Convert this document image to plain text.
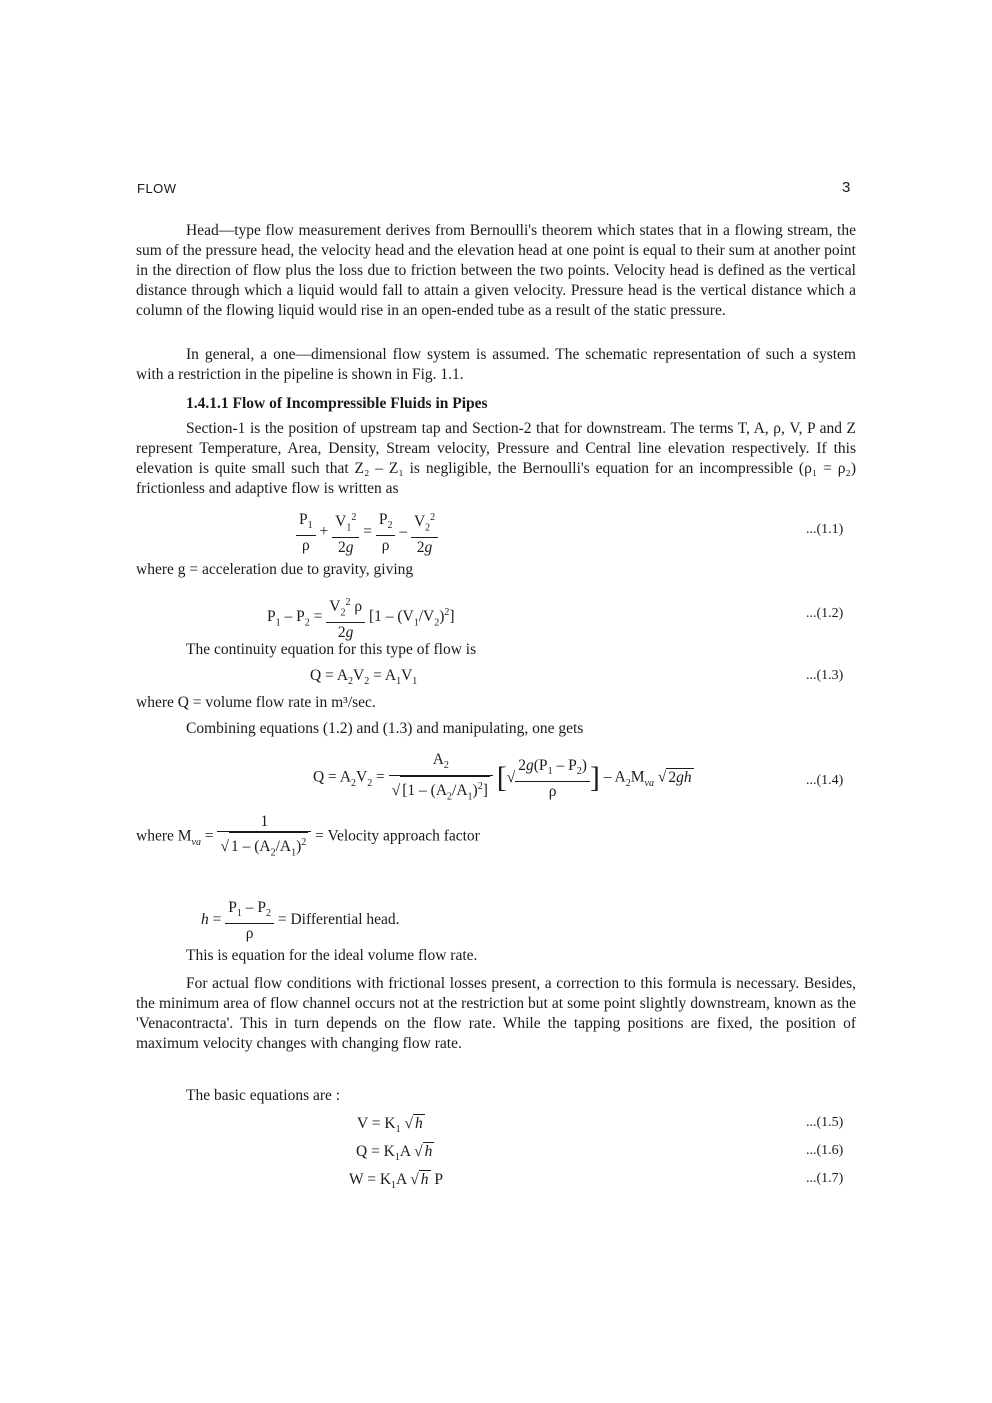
FLOW	3
Head—type flow measurement derives from Bernoulli's theorem which states that in a flowing stream, the sum of the pressure head, the velocity head and the elevation head at one point is equal to their sum at another point in the direction of flow plus the loss due to friction between the two points. Velocity head is defined as the vertical distance through which a liquid would fall to attain a given velocity. Pressure head is the vertical distance which a column of the flowing liquid would rise in an open-ended tube as a result of the static pressure.
In general, a one—dimensional flow system is assumed. The schematic representation of such a system with a restriction in the pipeline is shown in Fig. 1.1.
1.4.1.1 Flow of Incompressible Fluids in Pipes
Section-1 is the position of upstream tap and Section-2 that for downstream. The terms T, A, ρ, V, P and Z represent Temperature, Area, Density, Stream velocity, Pressure and Central line elevation respectively. If this elevation is quite small such that Z₂ – Z₁ is negligible, the Bernoulli's equation for an incompressible (ρ₁ = ρ₂) frictionless and adaptive flow is written as
$\frac{P_1}{\rho} + \frac{V_1^2}{2g} = \frac{P_2}{\rho} - \frac{V_2^2}{2g}$	...(1.1)
where g = acceleration due to gravity, giving
$P_1 - P_2 = \frac{V_2^2 \rho}{2g} [1 - (V_1/V_2)^2]$	...(1.2)
The continuity equation for this type of flow is
$Q = A_2V_2 = A_1V_1$	...(1.3)
where Q = volume flow rate in m³/sec.
Combining equations (1.2) and (1.3) and manipulating, one gets
$Q = A_2V_2 = \frac{A_2}{√ [1 - (A_2/A_1)^2]}$ [√ $\frac{2g(P_1 - P_2)}{\rho}$ ] – $A_2M_{va}$ √ 2gh	...(1.4)
where $M_{va} = \frac{1}{√ 1 - (A_2/A_1)^2}$ = Velocity approach factor
$h = \frac{P_1 - P_2}{\rho}$ = Differential head.
This is equation for the ideal volume flow rate.
For actual flow conditions with frictional losses present, a correction to this formula is necessary. Besides, the minimum area of flow channel occurs not at the restriction but at some point slightly downstream, known as the 'Venacontracta'. This in turn depends on the flow rate. While the tapping positions are fixed, the position of maximum velocity changes with changing flow rate.
The basic equations are :
$V = K_1$ √ h	...(1.5)
$Q = K_1A$ √ h	...(1.6)
$W = K_1A$ √ h P	...(1.7)
